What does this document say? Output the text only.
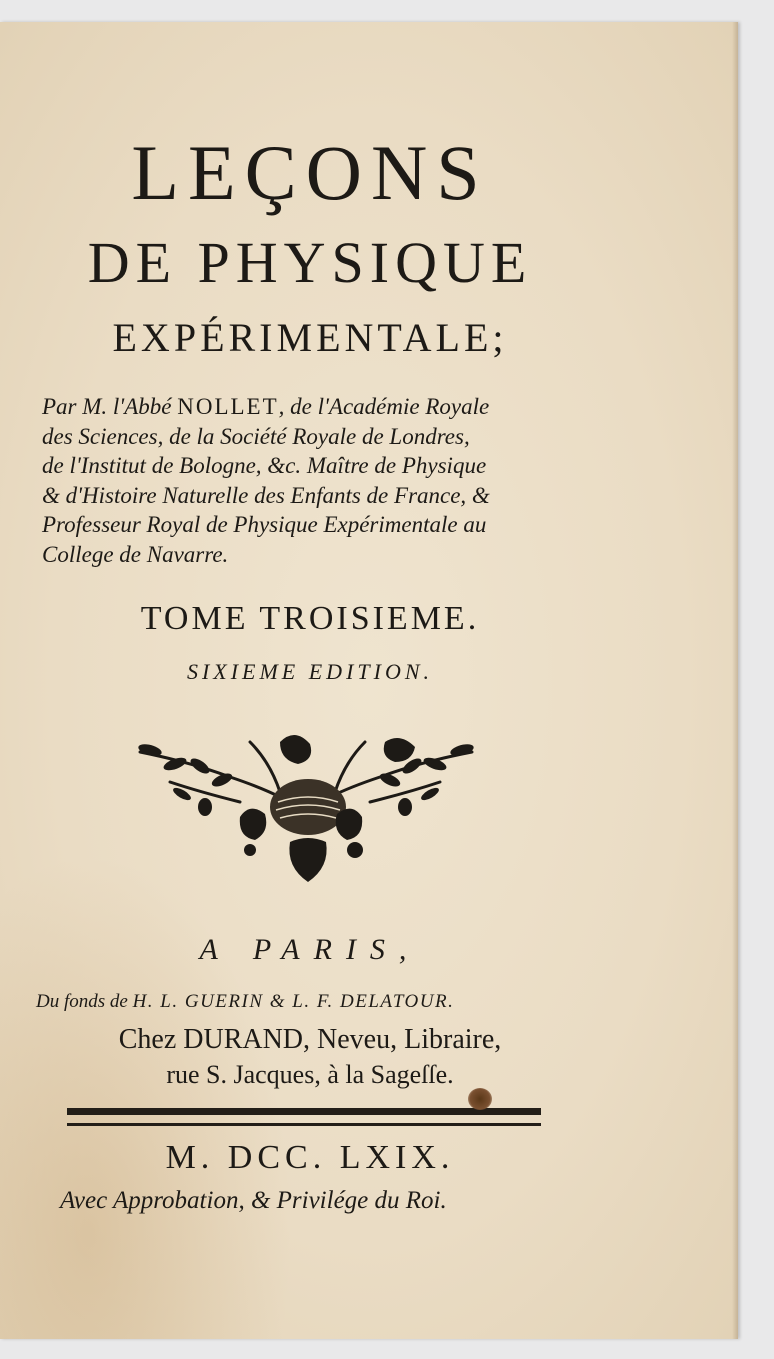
LEÇONS
DE PHYSIQUE
EXPÉRIMENTALE;
Par M. l'Abbé NOLLET, de l'Académie Royale
des Sciences, de la Société Royale de Londres,
de l'Institut de Bologne, &c. Maître de Physique
& d'Histoire Naturelle des Enfants de France, &
Professeur Royal de Physique Expérimentale au
College de Navarre.
TOME TROISIEME.
SIXIEME EDITION.
A PARIS,
Du fonds de H. L. GUERIN & L. F. DELATOUR.
Chez DURAND, Neveu, Libraire,
rue S. Jacques, à la Sageſſe.
M. DCC. LXIX.
Avec Approbation, & Privilége du Roi.
